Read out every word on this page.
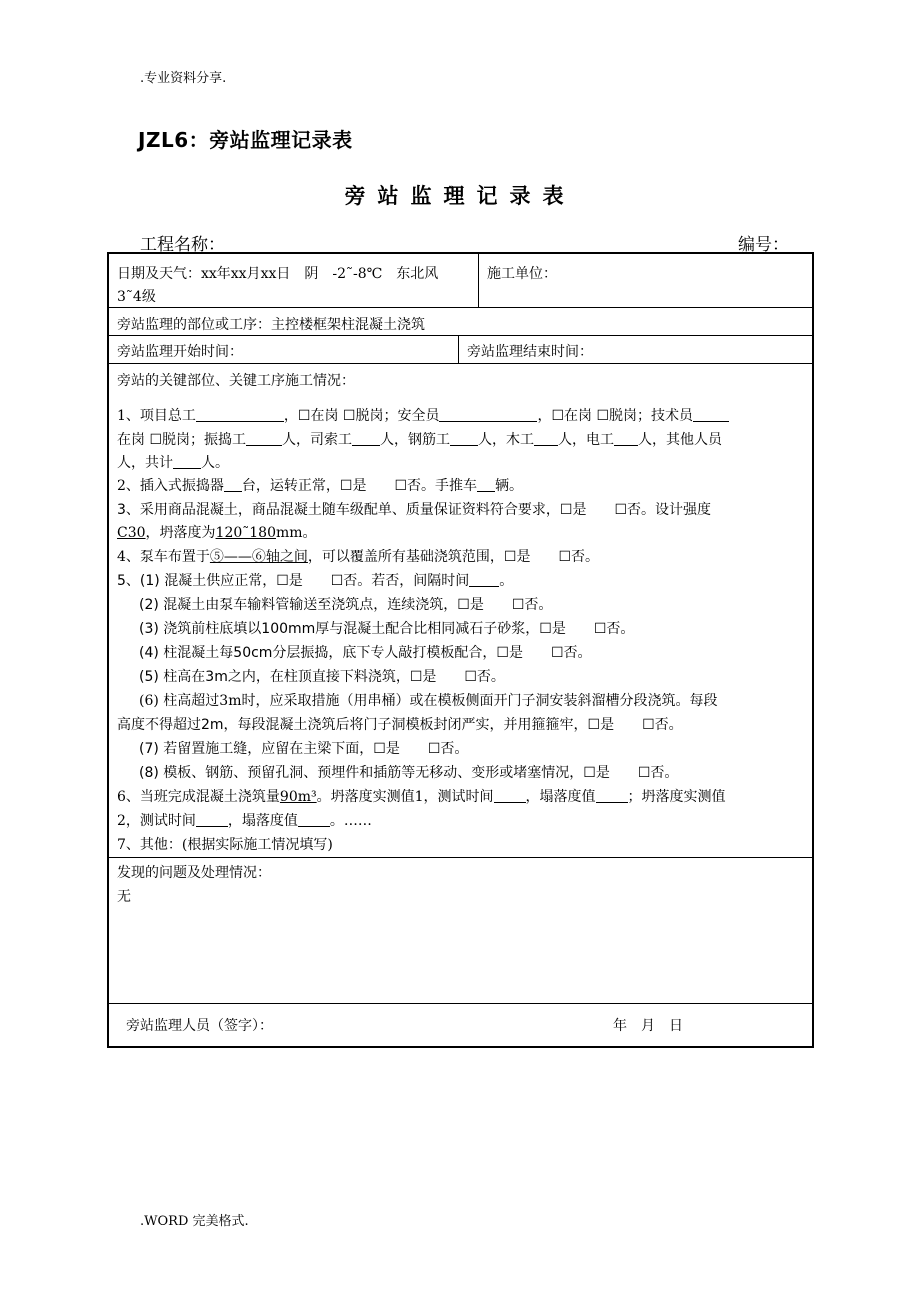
.专业资料分享.
JZL6：旁站监理记录表
旁站监理记录表
工程名称：	编号：
日期及天气：xx年xx月xx日　阴　-2˜-8℃　东北风
3˜4级
施工单位：
旁站监理的部位或工序：主控楼框架柱混凝土浇筑
旁站监理开始时间：	旁站监理结束时间：
旁站的关键部位、关键工序施工情况：
1、项目总工	，☐在岗 ☐脱岗；安全员	，☐在岗 ☐脱岗；技术员
在岗 ☐脱岗；振捣工	人，司索工 人，钢筋工 人，木工 人，电工 人，其他人员
人，共计 人。
2、插入式振捣器 台，运转正常，☐是　　☐否。手推车 辆。
3、采用商品混凝土，商品混凝土随车级配单、质量保证资料符合要求，☐是　　☐否。设计强度
C30，坍落度为120˜180mm。
4、泵车布置于⑤——⑥轴之间，可以覆盖所有基础浇筑范围，☐是　　☐否。
5、(1) 混凝土供应正常，☐是　　☐否。若否，间隔时间 。
(2) 混凝土由泵车输料管输送至浇筑点，连续浇筑，☐是　　☐否。
(3) 浇筑前柱底填以100mm厚与混凝土配合比相同减石子砂浆，☐是　　☐否。
(4) 柱混凝土每50cm分层振捣，底下专人敲打模板配合，☐是　　☐否。
(5) 柱高在3m之内，在柱顶直接下料浇筑，☐是　　☐否。
(6) 柱高超过3m时，应采取措施（用串桶）或在模板侧面开门子洞安装斜溜槽分段浇筑。每段
高度不得超过2m，每段混凝土浇筑后将门子洞模板封闭严实，并用箍箍牢，☐是　　☐否。
(7) 若留置施工缝，应留在主梁下面，☐是　　☐否。
(8) 模板、钢筋、预留孔洞、预埋件和插筋等无移动、变形或堵塞情况，☐是　　☐否。
6、当班完成混凝土浇筑量90m³。坍落度实测值1，测试时间 ，塌落度值 ；坍落度实测值
2，测试时间 ，塌落度值 。……
7、其他：(根据实际施工情况填写)
发现的问题及处理情况：
无
旁站监理人员（签字）：	年　月　日
.WORD 完美格式.
